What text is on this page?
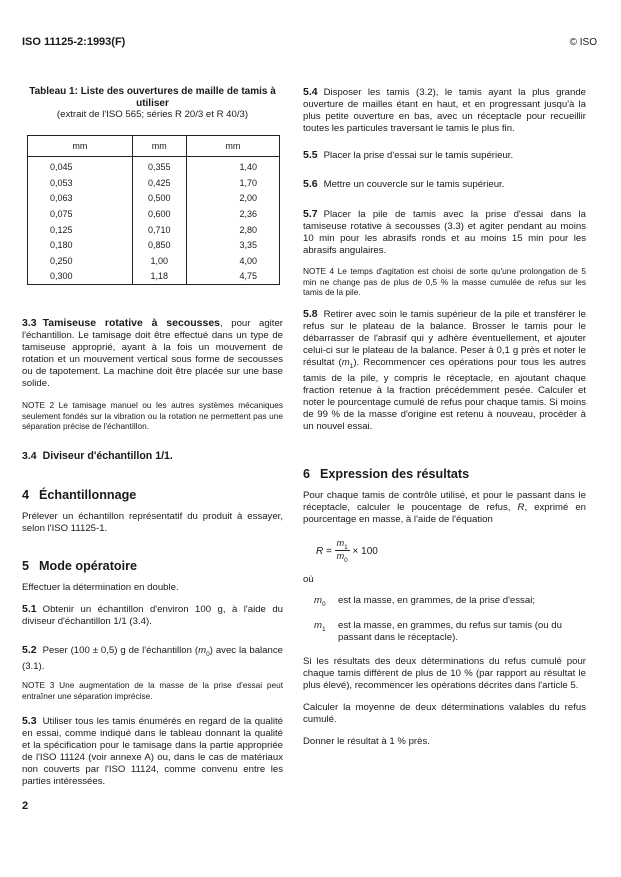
ISO 11125-2:1993(F)	© ISO
Tableau 1: Liste des ouvertures de maille de tamis à utiliser
(extrait de l'ISO 565; séries R 20/3 et R 40/3)
mm	mm	mm
0,045	0,355	1,40
0,053	0,425	1,70
0,063	0,500	2,00
0,075	0,600	2,36
0,125	0,710	2,80
0,180	0,850	3,35
0,250	1,00	4,00
0,300	1,18	4,75

3.3 Tamiseuse rotative à secousses, pour agiter l'échantillon. Le tamisage doit être effectué dans un type de tamiseuse approprié, ayant à la fois un mouvement de rotation et un mouvement vertical sous forme de secousses ou de tapotement. La machine doit être placée sur une base solide.

NOTE 2 Le tamisage manuel ou les autres systèmes mécaniques seulement fondés sur la vibration ou la rotation ne permettent pas une séparation précise de l'échantillon.

3.4 Diviseur d'échantillon 1/1.
4 Échantillonnage

Prélever un échantillon représentatif du produit à essayer, selon l'ISO 11125-1.

5 Mode opératoire

Effectuer la détermination en double.

5.1 Obtenir un échantillon d'environ 100 g, à l'aide du diviseur d'échantillon 1/1 (3.4).

5.2 Peser (100 ± 0,5) g de l'échantillon $(m_0)$ avec la balance (3.1).

NOTE 3 Une augmentation de la masse de la prise d'essai peut entraîner une séparation imprécise.

5.3 Utiliser tous les tamis énumérés en regard de la qualité en essai, comme indiqué dans le tableau donnant la qualité et la spécification pour le tamisage dans la partie appropriée de l'ISO 11124 (voir annexe A) ou, dans le cas de matériaux non couverts par l'ISO 11124, comme convenu entre les parties intéressées.

2

5.4 Disposer les tamis (3.2), le tamis ayant la plus grande ouverture de mailles étant en haut, et en progressant jusqu'à la plus petite ouverture en bas, avec un réceptacle pour recueillir toutes les particules traversant le tamis le plus fin.

5.5 Placer la prise d'essai sur le tamis supérieur.

5.6 Mettre un couvercle sur le tamis supérieur.

5.7 Placer la pile de tamis avec la prise d'essai dans la tamiseuse rotative à secousses (3.3) et agiter pendant au moins 10 min pour les abrasifs ronds et au moins 15 min pour les abrasifs angulaires.

NOTE 4 Le temps d'agitation est choisi de sorte qu'une prolongation de 5 min ne change pas de plus de 0,5 % la masse cumulée de refus sur les tamis de la pile.

5.8 Retirer avec soin le tamis supérieur de la pile et transférer le refus sur le plateau de la balance. Brosser le tamis pour le débarrasser de l'abrasif qui y adhère éventuellement, et ajouter celui-ci sur le plateau de la balance. Peser à 0,1 g près et noter le résultat $(m_1)$. Recommencer ces opérations pour tous les autres tamis de la pile, y compris le réceptacle, en ajoutant chaque fraction retenue à la fraction précédemment pesée. Calculer et noter le pourcentage cumulé de refus pour chaque tamis. Si moins de 99 % de la masse d'origine est retenu à nouveau, procéder à un nouvel essai.

6 Expression des résultats

Pour chaque tamis de contrôle utilisé, et pour le passant dans le réceptacle, calculer le poucentage de refus, R, exprimé en pourcentage en masse, à l'aide de l'équation

$R = \frac{m_1}{m_0} \times 100$

où

$m_0$	est la masse, en grammes, de la prise d'essai;
$m_1$	est la masse, en grammes, du refus sur tamis (ou du passant dans le réceptacle).

Si les résultats des deux déterminations du refus cumulé pour chaque tamis diffèrent de plus de 10 % (par rapport au résultat le plus élevé), recommencer les opérations décrites dans l'article 5.

Calculer la moyenne de deux déterminations valables du refus cumulé.

Donner le résultat à 1 % près.
